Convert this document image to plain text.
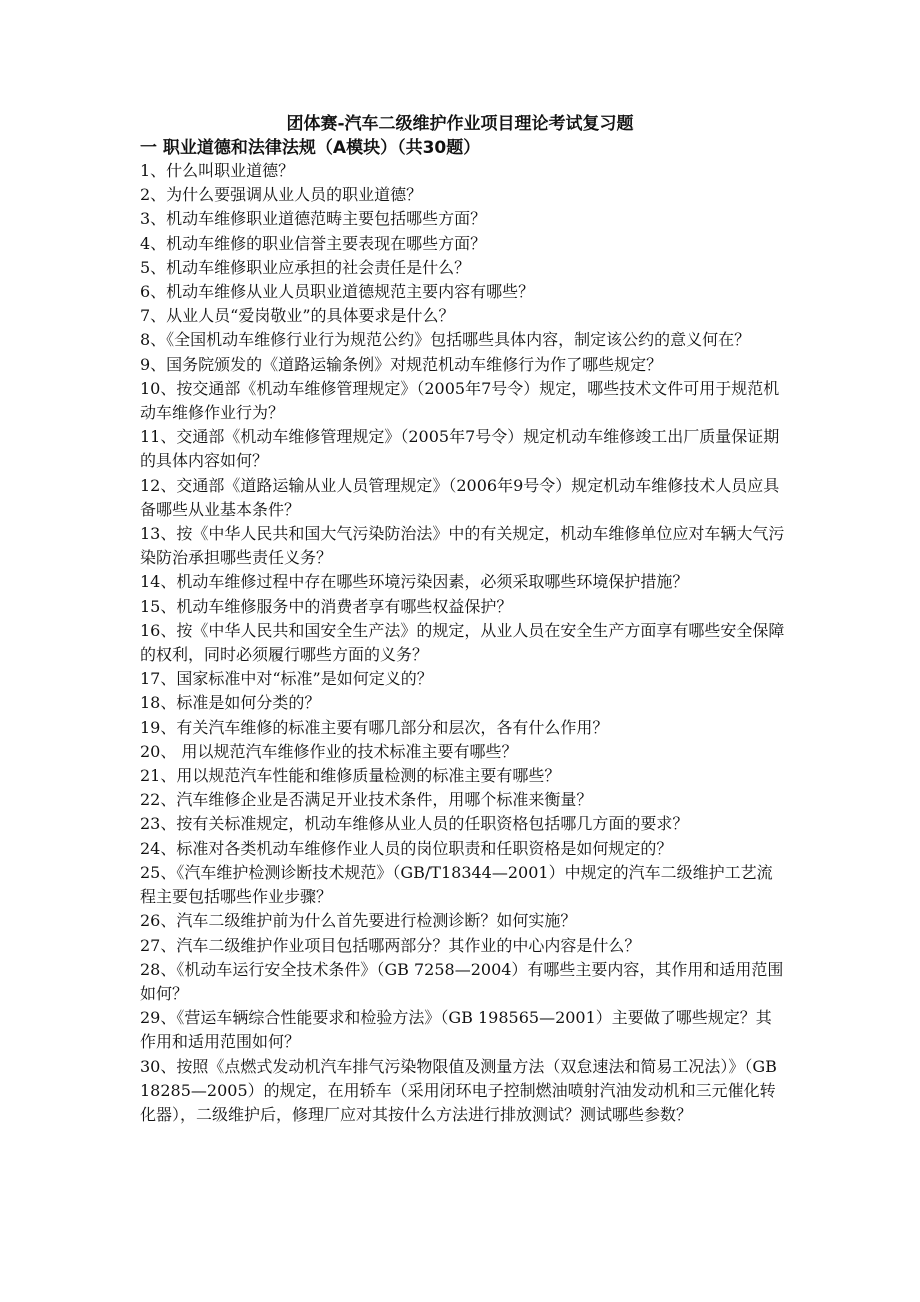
团体赛-汽车二级维护作业项目理论考试复习题
一 职业道德和法律法规（A模块）（共30题）
1、什么叫职业道德？
2、为什么要强调从业人员的职业道德？
3、机动车维修职业道德范畴主要包括哪些方面？
4、机动车维修的职业信誉主要表现在哪些方面？
5、机动车维修职业应承担的社会责任是什么？
6、机动车维修从业人员职业道德规范主要内容有哪些？
7、从业人员“爱岗敬业”的具体要求是什么？
8、《全国机动车维修行业行为规范公约》包括哪些具体内容，制定该公约的意义何在？
9、国务院颁发的《道路运输条例》对规范机动车维修行为作了哪些规定？
10、按交通部《机动车维修管理规定》（2005年7号令）规定，哪些技术文件可用于规范机动车维修作业行为？
11、交通部《机动车维修管理规定》（2005年7号令）规定机动车维修竣工出厂质量保证期的具体内容如何？
12、交通部《道路运输从业人员管理规定》（2006年9号令）规定机动车维修技术人员应具备哪些从业基本条件？
13、按《中华人民共和国大气污染防治法》中的有关规定，机动车维修单位应对车辆大气污染防治承担哪些责任义务？
14、机动车维修过程中存在哪些环境污染因素，必须采取哪些环境保护措施？
15、机动车维修服务中的消费者享有哪些权益保护？
16、按《中华人民共和国安全生产法》的规定，从业人员在安全生产方面享有哪些安全保障的权利，同时必须履行哪些方面的义务？
17、国家标准中对“标准”是如何定义的？
18、标准是如何分类的？
19、有关汽车维修的标准主要有哪几部分和层次，各有什么作用？
20、 用以规范汽车维修作业的技术标准主要有哪些？
21、用以规范汽车性能和维修质量检测的标准主要有哪些？
22、汽车维修企业是否满足开业技术条件，用哪个标准来衡量？
23、按有关标准规定，机动车维修从业人员的任职资格包括哪几方面的要求？
24、标准对各类机动车维修作业人员的岗位职责和任职资格是如何规定的？
25、《汽车维护检测诊断技术规范》（GB/T18344—2001）中规定的汽车二级维护工艺流程主要包括哪些作业步骤？
26、汽车二级维护前为什么首先要进行检测诊断？如何实施？
27、汽车二级维护作业项目包括哪两部分？其作业的中心内容是什么？
28、《机动车运行安全技术条件》（GB 7258—2004）有哪些主要内容，其作用和适用范围如何？
29、《营运车辆综合性能要求和检验方法》（GB 198565—2001）主要做了哪些规定？其作用和适用范围如何？
30、按照《点燃式发动机汽车排气污染物限值及测量方法（双怠速法和简易工况法）》（GB 18285—2005）的规定，在用轿车（采用闭环电子控制燃油喷射汽油发动机和三元催化转化器），二级维护后，修理厂应对其按什么方法进行排放测试？测试哪些参数？
